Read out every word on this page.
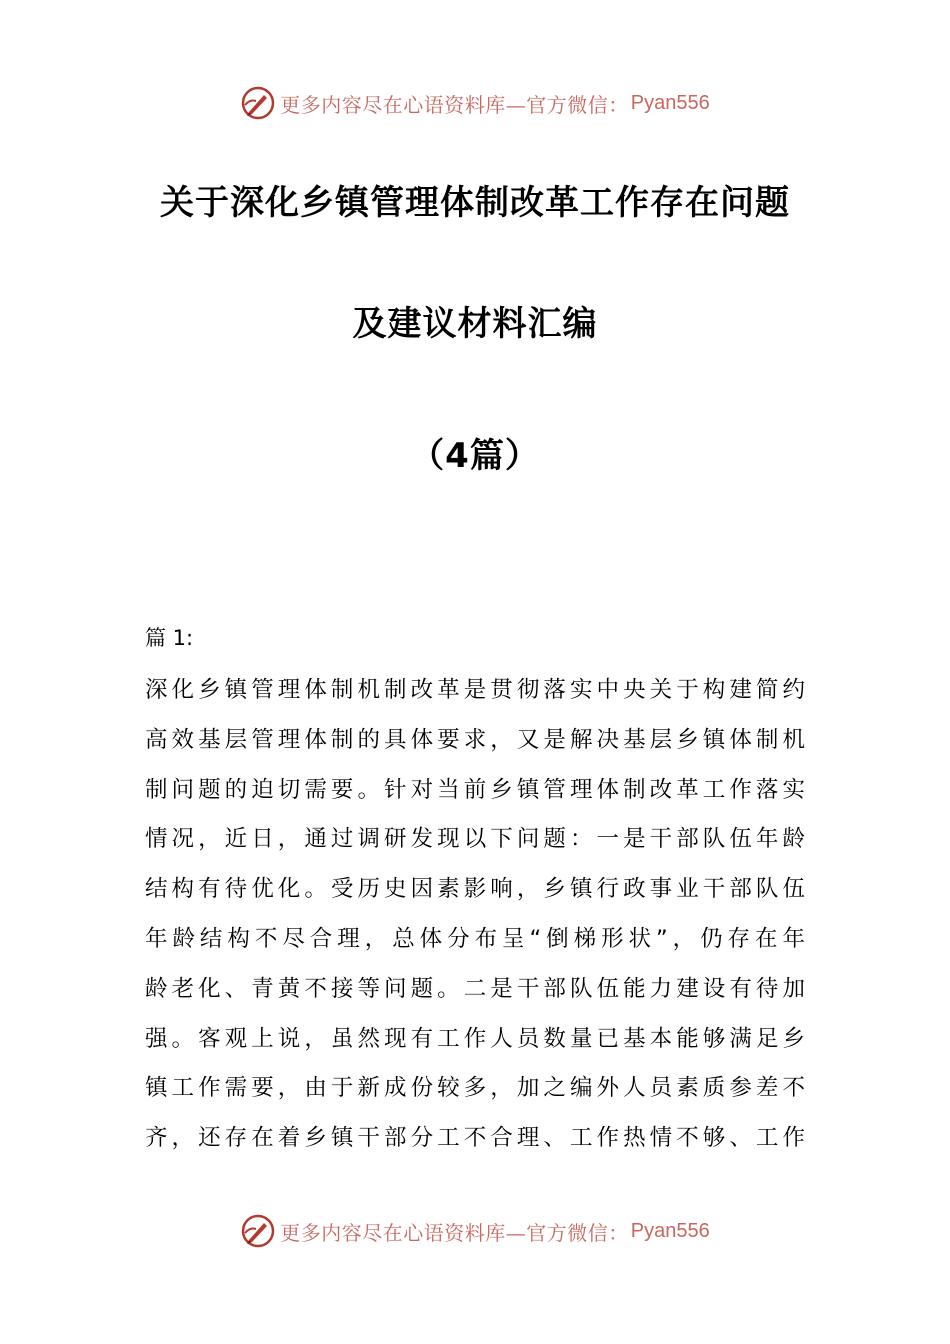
更多内容尽在心语资料库—官方微信： Pyan556
关于深化乡镇管理体制改革工作存在问题
及建议材料汇编
（4篇）
篇 1:
深化乡镇管理体制机制改革是贯彻落实中央关于构建简约
高效基层管理体制的具体要求，又是解决基层乡镇体制机
制问题的迫切需要。针对当前乡镇管理体制改革工作落实
情况，近日，通过调研发现以下问题：一是干部队伍年龄
结构有待优化。受历史因素影响，乡镇行政事业干部队伍
年龄结构不尽合理，总体分布呈“倒梯形状”，仍存在年
龄老化、青黄不接等问题。二是干部队伍能力建设有待加
强。客观上说，虽然现有工作人员数量已基本能够满足乡
镇工作需要，由于新成份较多，加之编外人员素质参差不
齐，还存在着乡镇干部分工不合理、工作热情不够、工作
更多内容尽在心语资料库—官方微信： Pyan556
